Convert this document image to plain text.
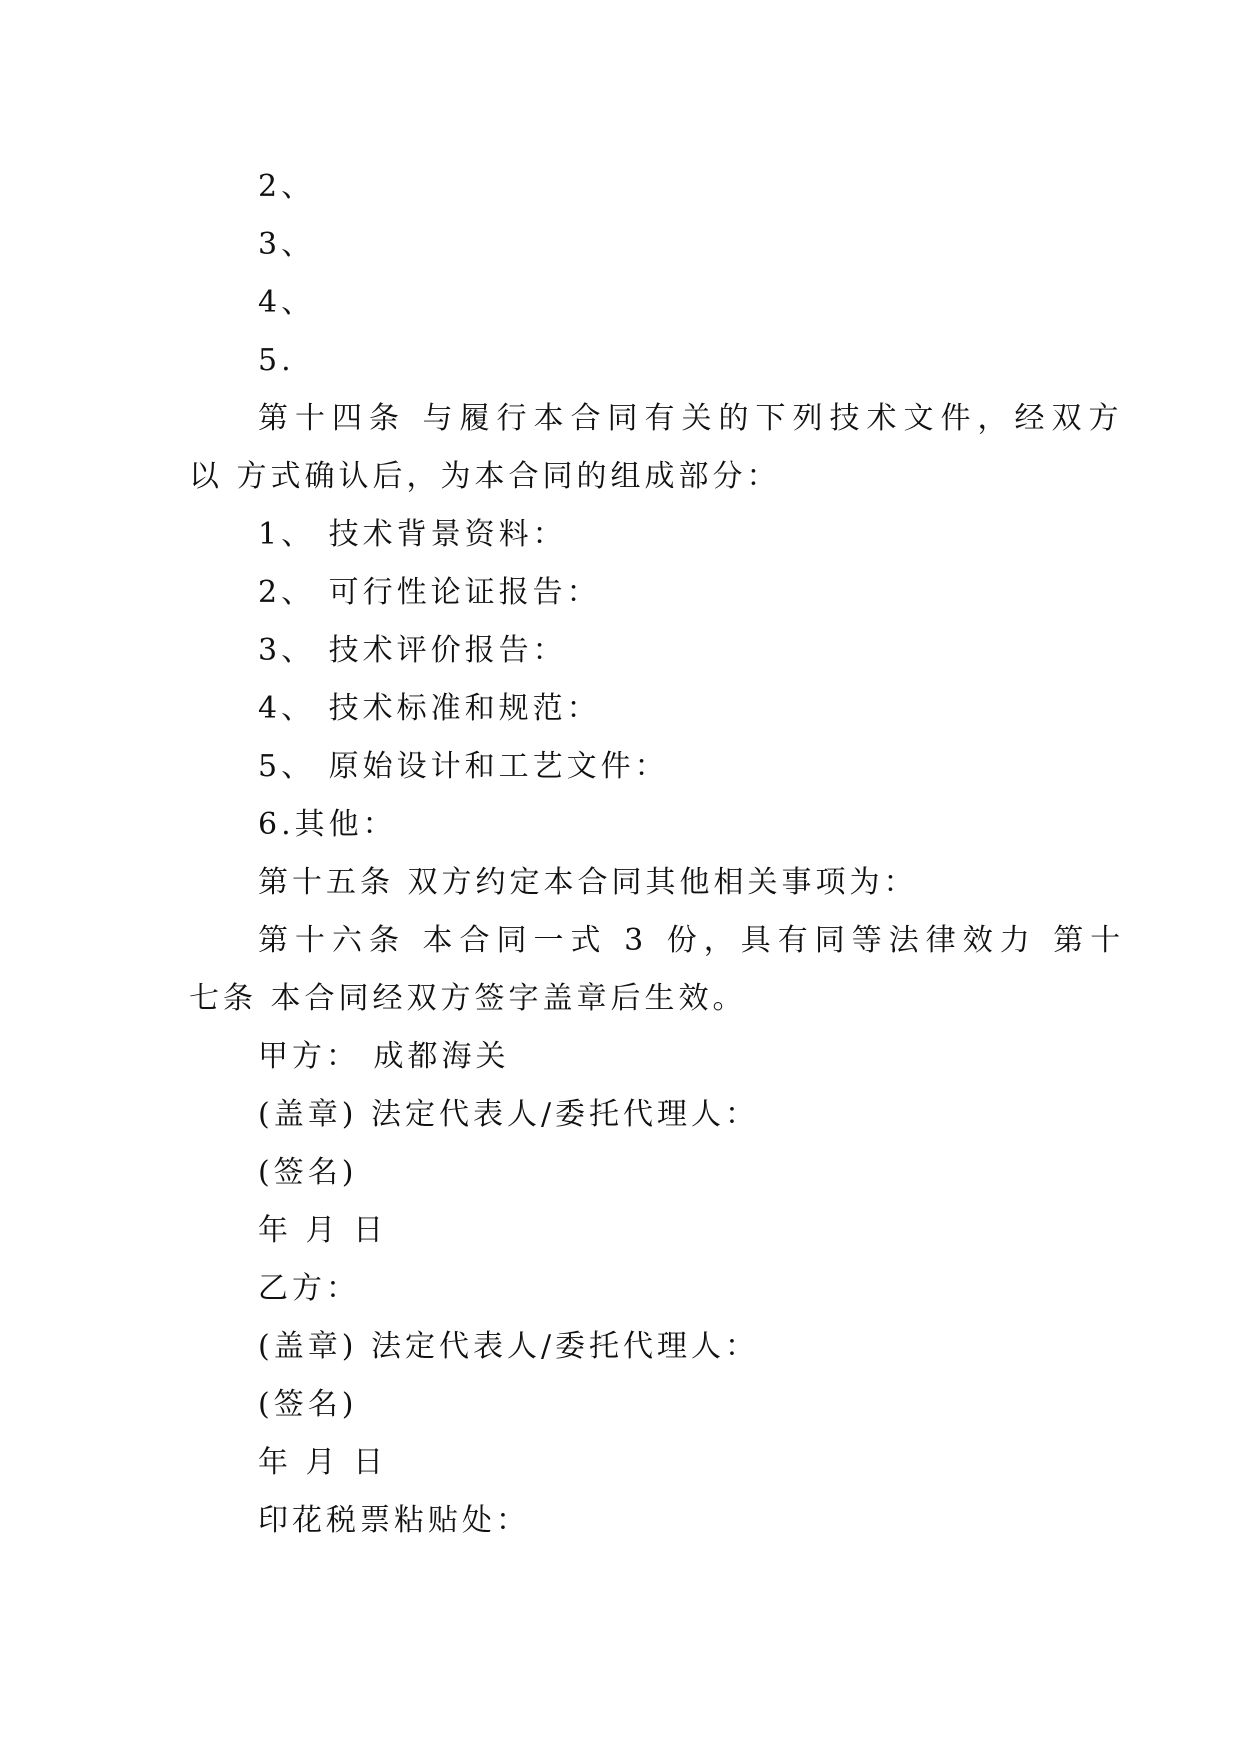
2、

3、

4、

5.

第十四条 与履行本合同有关的下列技术文件，经双方

以 方式确认后，为本合同的组成部分：

1、 技术背景资料：

2、 可行性论证报告：

3、 技术评价报告：

4、 技术标准和规范：

5、 原始设计和工艺文件：

6.其他：

第十五条 双方约定本合同其他相关事项为：

第十六条 本合同一式 3 份，具有同等法律效力 第十

七条 本合同经双方签字盖章后生效。

甲方： 成都海关

(盖章) 法定代表人/委托代理人：

(签名)

年 月 日

乙方：

(盖章) 法定代表人/委托代理人：

(签名)

年 月 日

印花税票粘贴处：
